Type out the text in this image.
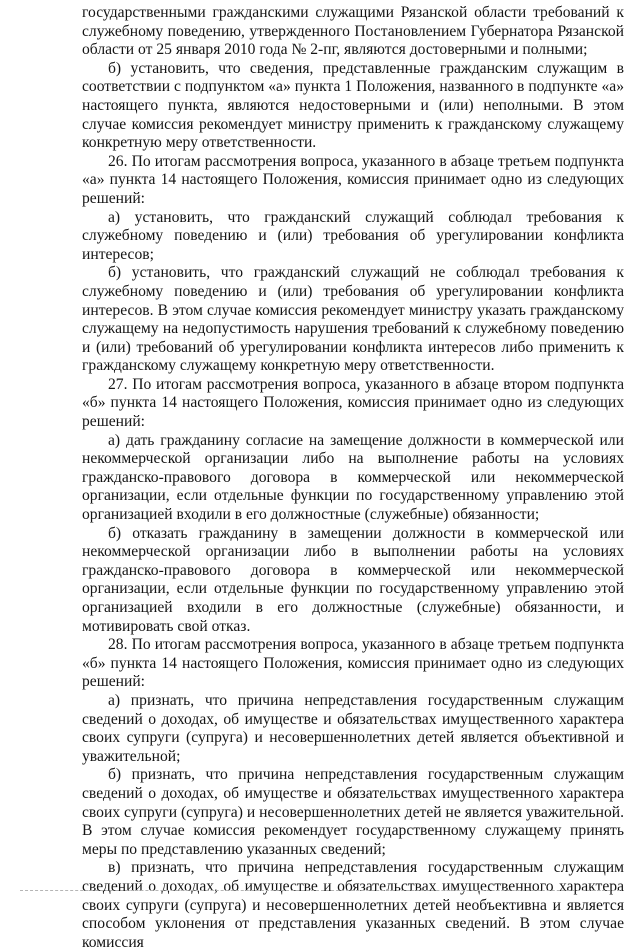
государственными гражданскими служащими Рязанской области требований к служебному поведению, утвержденного Постановлением Губернатора Рязанской области от 25 января 2010 года № 2-пг, являются достоверными и полными;

б) установить, что сведения, представленные гражданским служащим в соответствии с подпунктом «а» пункта 1 Положения, названного в подпункте «а» настоящего пункта, являются недостоверными и (или) неполными. В этом случае комиссия рекомендует министру применить к гражданскому служащему конкретную меру ответственности.

26. По итогам рассмотрения вопроса, указанного в абзаце третьем подпункта «а» пункта 14 настоящего Положения, комиссия принимает одно из следующих решений:

а) установить, что гражданский служащий соблюдал требования к служебному поведению и (или) требования об урегулировании конфликта интересов;

б) установить, что гражданский служащий не соблюдал требования к служебному поведению и (или) требования об урегулировании конфликта интересов. В этом случае комиссия рекомендует министру указать гражданскому служащему на недопустимость нарушения требований к служебному поведению и (или) требований об урегулировании конфликта интересов либо применить к гражданскому служащему конкретную меру ответственности.

27. По итогам рассмотрения вопроса, указанного в абзаце втором подпункта «б» пункта 14 настоящего Положения, комиссия принимает одно из следующих решений:

а) дать гражданину согласие на замещение должности в коммерческой или некоммерческой организации либо на выполнение работы на условиях гражданско-правового договора в коммерческой или некоммерческой организации, если отдельные функции по государственному управлению этой организацией входили в его должностные (служебные) обязанности;

б) отказать гражданину в замещении должности в коммерческой или некоммерческой организации либо в выполнении работы на условиях гражданско-правового договора в коммерческой или некоммерческой организации, если отдельные функции по государственному управлению этой организацией входили в его должностные (служебные) обязанности, и мотивировать свой отказ.

28. По итогам рассмотрения вопроса, указанного в абзаце третьем подпункта «б» пункта 14 настоящего Положения, комиссия принимает одно из следующих решений:

а) признать, что причина непредставления государственным служащим сведений о доходах, об имуществе и обязательствах имущественного характера своих супруги (супруга) и несовершеннолетних детей является объективной и уважительной;

б) признать, что причина непредставления государственным служащим сведений о доходах, об имуществе и обязательствах имущественного характера своих супруги (супруга) и несовершеннолетних детей не является уважительной. В этом случае комиссия рекомендует государственному служащему принять меры по представлению указанных сведений;

в) признать, что причина непредставления государственным служащим сведений о доходах, об имуществе и обязательствах имущественного характера своих супруги (супруга) и несовершеннолетних детей необъективна и является способом уклонения от представления указанных сведений. В этом случае комиссия
